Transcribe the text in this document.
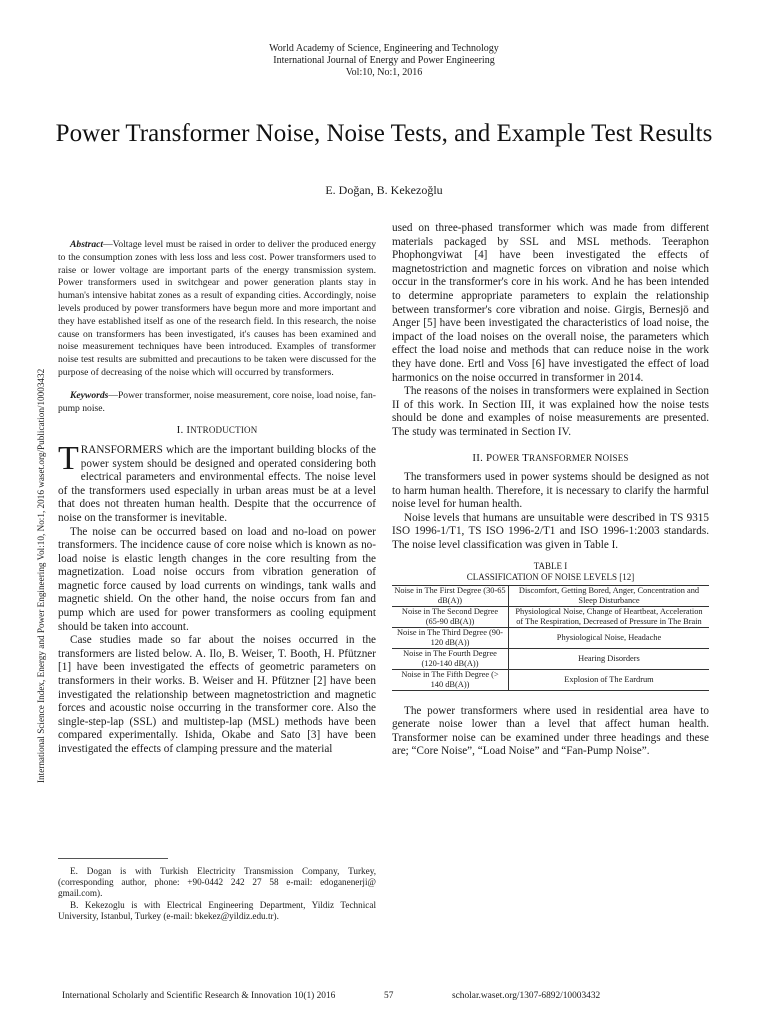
World Academy of Science, Engineering and Technology
International Journal of Energy and Power Engineering
Vol:10, No:1, 2016
Power Transformer Noise, Noise Tests, and Example Test Results
E. Doğan, B. Kekezoğlu
International Science Index, Energy and Power Engineering Vol:10, No:1, 2016 waset.org/Publication/10003432

Abstract—Voltage level must be raised in order to deliver the produced energy to the consumption zones with less loss and less cost. Power transformers used to raise or lower voltage are important parts of the energy transmission system. Power transformers used in switchgear and power generation plants stay in human's intensive habitat zones as a result of expanding cities. Accordingly, noise levels produced by power transformers have begun more and more important and they have established itself as one of the research field. In this research, the noise cause on transformers has been investigated, it's causes has been examined and noise measurement techniques have been introduced. Examples of transformer noise test results are submitted and precautions to be taken were discussed for the purpose of decreasing of the noise which will occurred by transformers.

Keywords—Power transformer, noise measurement, core noise, load noise, fan-pump noise.

I. INTRODUCTION

TRANSFORMERS which are the important building blocks of the power system should be designed and operated considering both electrical parameters and environmental effects. The noise level of the transformers used especially in urban areas must be at a level that does not threaten human health. Despite that the occurrence of noise on the transformer is inevitable.

The noise can be occurred based on load and no-load on power transformers. The incidence cause of core noise which is known as no-load noise is elastic length changes in the core resulting from the magnetization. Load noise occurs from vibration generation of magnetic force caused by load currents on windings, tank walls and magnetic shield. On the other hand, the noise occurs from fan and pump which are used for power transformers as cooling equipment should be taken into account.

Case studies made so far about the noises occurred in the transformers are listed below. A. Ilo, B. Weiser, T. Booth, H. Pfützner [1] have been investigated the effects of geometric parameters on transformers in their works. B. Weiser and H. Pfützner [2] have been investigated the relationship between magnetostriction and magnetic forces and acoustic noise occurring in the transformer core. Also the single-step-lap (SSL) and multistep-lap (MSL) methods have been compared experimentally. Ishida, Okabe and Sato [3] have been investigated the effects of clamping pressure and the material

E. Dogan is with Turkish Electricity Transmission Company, Turkey, (corresponding author, phone: +90-0442 242 27 58 e-mail: edoganenerji@ gmail.com).

B. Kekezoglu is with Electrical Engineering Department, Yildiz Technical University, Istanbul, Turkey (e-mail: bkekez@yildiz.edu.tr).

used on three-phased transformer which was made from different materials packaged by SSL and MSL methods. Teeraphon Phophongviwat [4] have been investigated the effects of magnetostriction and magnetic forces on vibration and noise which occur in the transformer's core in his work. And he has been intended to determine appropriate parameters to explain the relationship between transformer's core vibration and noise. Girgis, Bernesjö and Anger [5] have been investigated the characteristics of load noise, the impact of the load noises on the overall noise, the parameters which effect the load noise and methods that can reduce noise in the work they have done. Ertl and Voss [6] have investigated the effect of load harmonics on the noise occurred in transformer in 2014.

The reasons of the noises in transformers were explained in Section II of this work. In Section III, it was explained how the noise tests should be done and examples of noise measurements are presented. The study was terminated in Section IV.

II. POWER TRANSFORMER NOISES

The transformers used in power systems should be designed as not to harm human health. Therefore, it is necessary to clarify the harmful noise level for human health.

Noise levels that humans are unsuitable were described in TS 9315 ISO 1996-1/T1, TS ISO 1996-2/T1 and ISO 1996-1:2003 standards. The noise level classification was given in Table I.

TABLE I
CLASSIFICATION OF NOISE LEVELS [12]
Noise in The First Degree (30-65 dB(A))	Discomfort, Getting Bored, Anger, Concentration and Sleep Disturbance
Noise in The Second Degree (65-90 dB(A))	Physiological Noise, Change of Heartbeat, Acceleration of The Respiration, Decreased of Pressure in The Brain
Noise in The Third Degree (90-120 dB(A))	Physiological Noise, Headache
Noise in The Fourth Degree (120-140 dB(A))	Hearing Disorders
Noise in The Fifth Degree (> 140 dB(A))	Explosion of The Eardrum

The power transformers where used in residential area have to generate noise lower than a level that affect human health. Transformer noise can be examined under three headings and these are; “Core Noise”, “Load Noise” and “Fan-Pump Noise”.

International Scholarly and Scientific Research & Innovation 10(1) 2016	57	scholar.waset.org/1307-6892/10003432
